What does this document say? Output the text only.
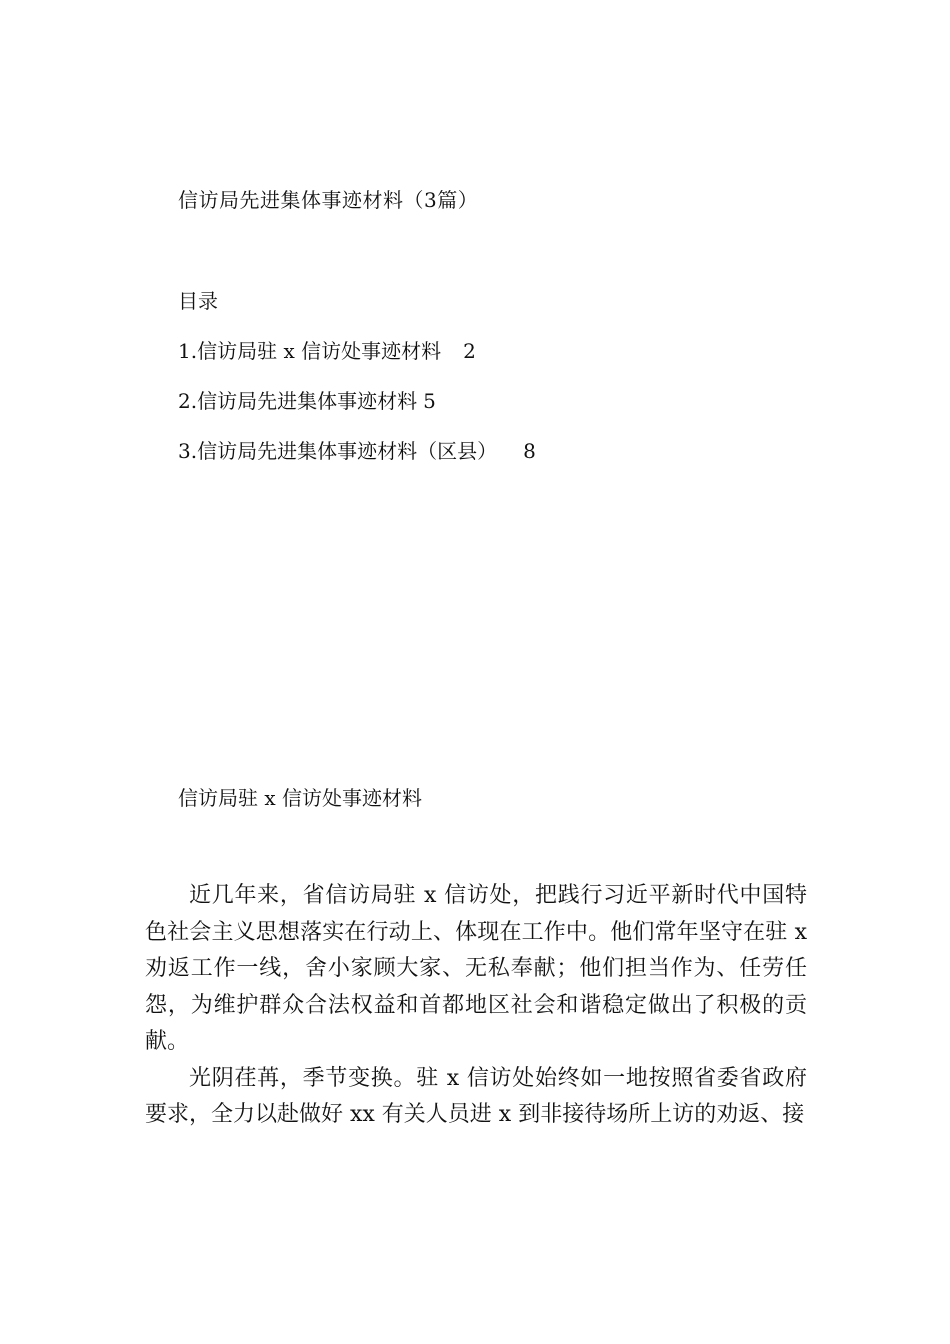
信访局先进集体事迹材料（3篇）
目录
1.信访局驻 x 信访处事迹材料 2
2.信访局先进集体事迹材料 5
3.信访局先进集体事迹材料（区县） 8
信访局驻 x 信访处事迹材料

近几年来，省信访局驻 x 信访处，把践行习近平新时代中国特色社会主义思想落实在行动上、体现在工作中。他们常年坚守在驻 x 劝返工作一线，舍小家顾大家、无私奉献；他们担当作为、任劳任怨，为维护群众合法权益和首都地区社会和谐稳定做出了积极的贡献。

光阴荏苒，季节变换。驻 x 信访处始终如一地按照省委省政府要求，全力以赴做好 xx 有关人员进 x 到非接待场所上访的劝返、接
